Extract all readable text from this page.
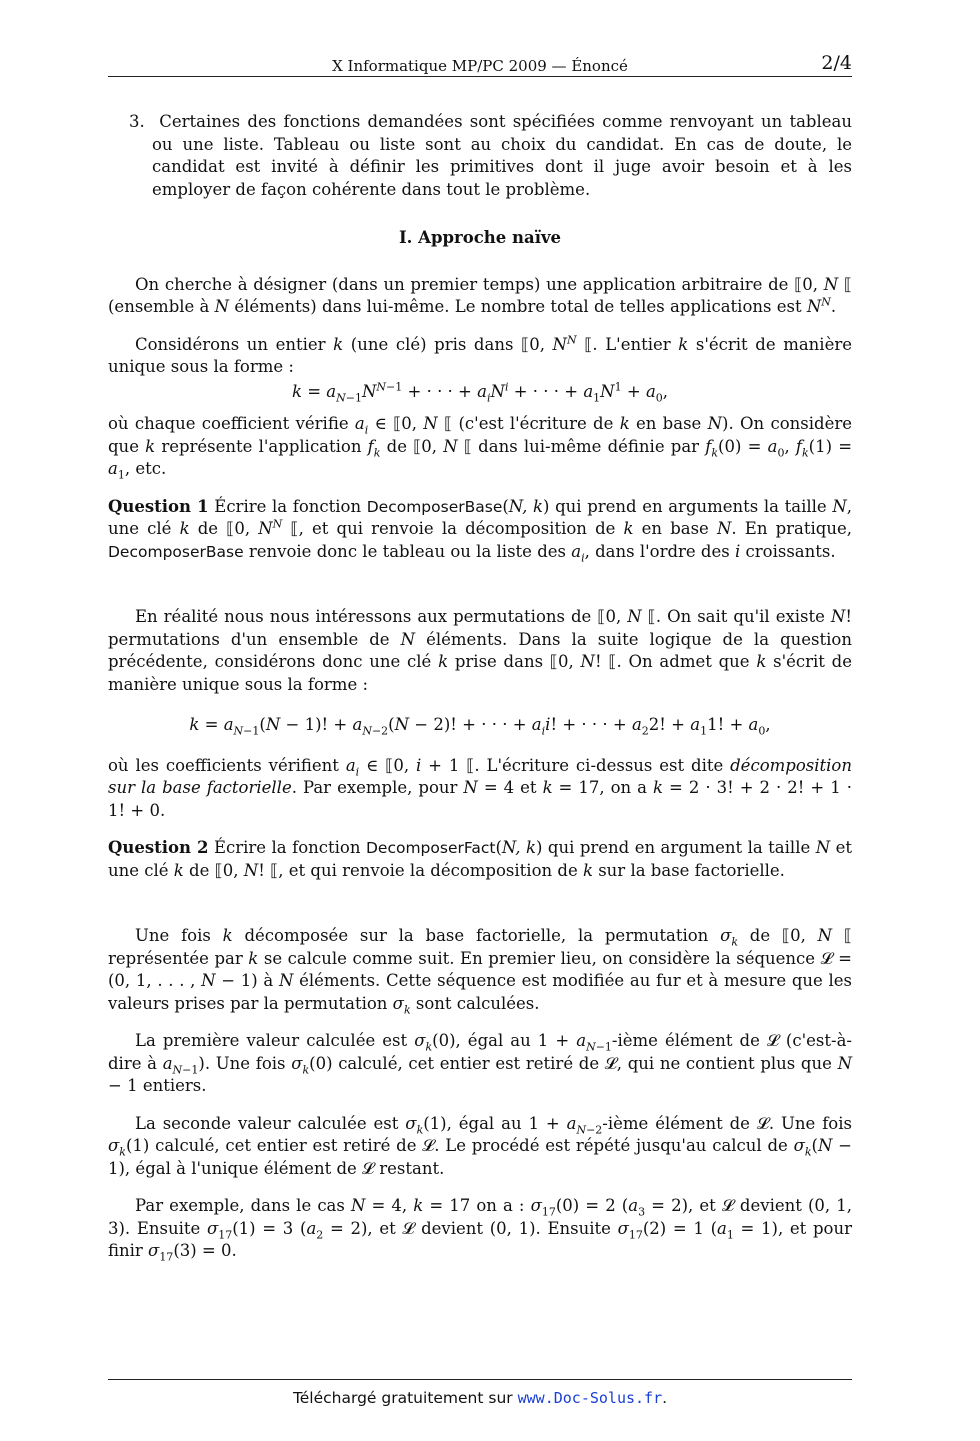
X Informatique MP/PC 2009 — Énoncé	2/4
3. Certaines des fonctions demandées sont spécifiées comme renvoyant un tableau ou une liste. Tableau ou liste sont au choix du candidat. En cas de doute, le candidat est invité à définir les primitives dont il juge avoir besoin et à les employer de façon cohérente dans tout le problème.
I. Approche naïve

On cherche à désigner (dans un premier temps) une application arbitraire de ⟦0, N ⟦ (ensemble à N éléments) dans lui-même. Le nombre total de telles applications est $N^N$.

Considérons un entier k (une clé) pris dans ⟦0, $N^N$ ⟦. L'entier k s'écrit de manière unique sous la forme :

$k = a_{N-1}N^{N-1}$ + · · · + $a_iN^i$ + · · · + $a_1N^1 + a_0$,

où chaque coefficient vérifie $a_i$ ∈ ⟦0, N ⟦ (c'est l'écriture de k en base N). On considère que k représente l'application $f_k$ de ⟦0, N ⟦ dans lui-même définie par $f_k(0) = a_0$, $f_k(1) = a_1$, etc.

Question 1 Écrire la fonction DecomposerBase(N, k) qui prend en arguments la taille N, une clé k de ⟦0, $N^N$ ⟦, et qui renvoie la décomposition de k en base N. En pratique, DecomposerBase renvoie donc le tableau ou la liste des $a_i$, dans l'ordre des i croissants.

En réalité nous nous intéressons aux permutations de ⟦0, N ⟦. On sait qu'il existe N! permutations d'un ensemble de N éléments. Dans la suite logique de la question précédente, considérons donc une clé k prise dans ⟦0, N! ⟦. On admet que k s'écrit de manière unique sous la forme :

$k = a_{N-1}(N - 1)$! + $a_{N-2}(N - 2)$! + · · · + $a_ii$! + · · · + $a_22$! + $a_11$! + $a_0$,

où les coefficients vérifient $a_i$ ∈ ⟦0, i + 1 ⟦. L'écriture ci-dessus est dite décomposition sur la base factorielle. Par exemple, pour N = 4 et k = 17, on a k = 2 · 3! + 2 · 2! + 1 · 1! + 0.

Question 2 Écrire la fonction DecomposerFact(N, k) qui prend en argument la taille N et une clé k de ⟦0, N! ⟦, et qui renvoie la décomposition de k sur la base factorielle.

Une fois k décomposée sur la base factorielle, la permutation $\sigma_k$ de ⟦0, N ⟦ représentée par k se calcule comme suit. En premier lieu, on considère la séquence 𝓛 = (0, 1, . . . , N − 1) à N éléments. Cette séquence est modifiée au fur et à mesure que les valeurs prises par la permutation $\sigma_k$ sont calculées.

La première valeur calculée est $\sigma_k(0)$, égal au $1 + a_{N-1}$-ième élément de 𝓛 (c'est-à-dire à $a_{N-1}$). Une fois $\sigma_k(0)$ calculé, cet entier est retiré de 𝓛, qui ne contient plus que N − 1 entiers.

La seconde valeur calculée est $\sigma_k(1)$, égal au $1 + a_{N-2}$-ième élément de 𝓛. Une fois $\sigma_k(1)$ calculé, cet entier est retiré de 𝓛. Le procédé est répété jusqu'au calcul de $\sigma_k(N - 1)$, égal à l'unique élément de 𝓛 restant.

Par exemple, dans le cas N = 4, k = 17 on a : $\sigma_{17}(0) = 2$ $(a_3 = 2)$, et 𝓛 devient (0, 1, 3). Ensuite $\sigma_{17}(1) = 3$ $(a_2 = 2)$, et 𝓛 devient (0, 1). Ensuite $\sigma_{17}(2) = 1$ $(a_1 = 1)$, et pour finir $\sigma_{17}(3) = 0$.

Téléchargé gratuitement sur www.Doc-Solus.fr.
